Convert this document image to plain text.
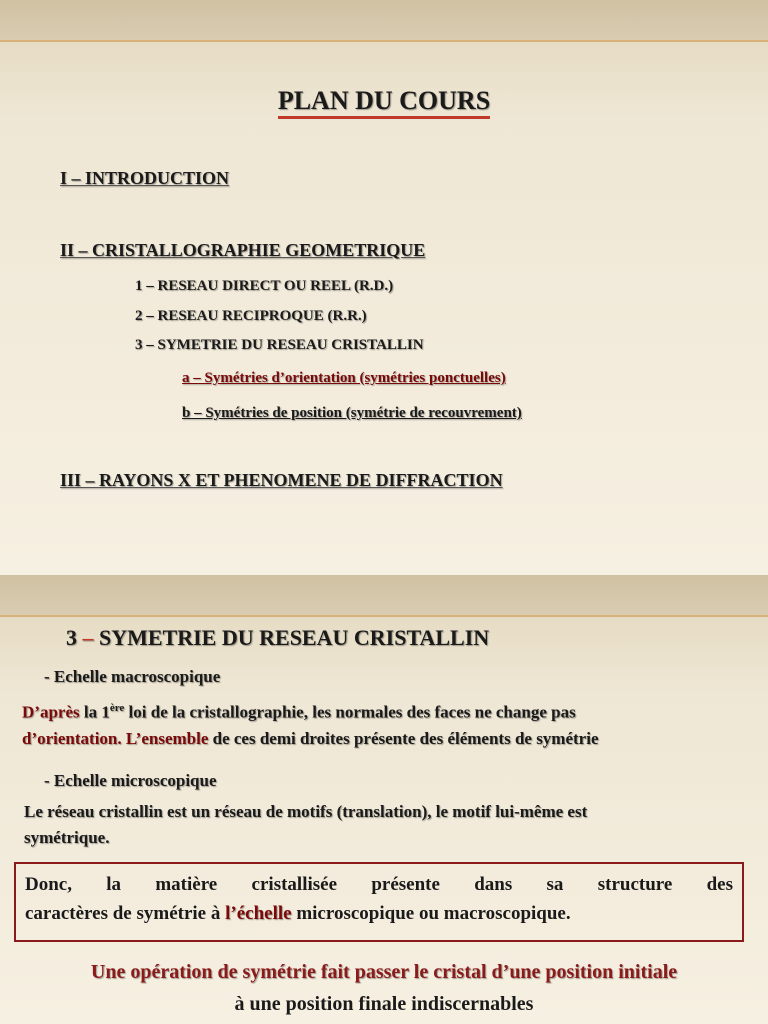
PLAN DU COURS
I – INTRODUCTION
II – CRISTALLOGRAPHIE GEOMETRIQUE
1 – RESEAU DIRECT OU REEL (R.D.)
2 – RESEAU RECIPROQUE (R.R.)
3 – SYMETRIE DU RESEAU CRISTALLIN
a – Symétries d’orientation (symétries ponctuelles)
b – Symétries de position (symétrie de recouvrement)
III – RAYONS X ET PHENOMENE DE DIFFRACTION
3 – SYMETRIE DU RESEAU CRISTALLIN
- Echelle macroscopique
D’après la 1ère loi de la cristallographie, les normales des faces ne change pas
d’orientation. L’ensemble de ces demi droites présente des éléments de symétrie
- Echelle microscopique
Le réseau cristallin est un réseau de motifs (translation), le motif lui-même est
symétrique.
Donc, la matière cristallisée présente dans sa structure des
caractères de symétrie à l’échelle microscopique ou macroscopique.
Une opération de symétrie fait passer le cristal d’une position initiale
à une position finale indiscernables
